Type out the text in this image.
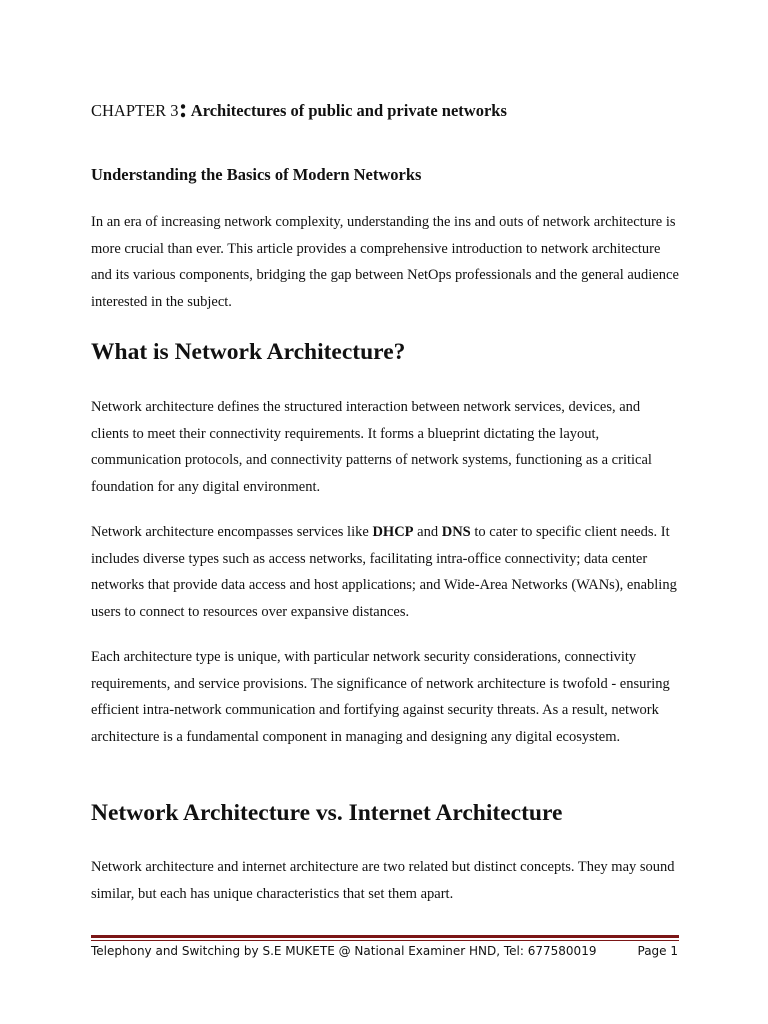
CHAPTER 3: Architectures of public and private networks
Understanding the Basics of Modern Networks

In an era of increasing network complexity, understanding the ins and outs of network architecture is more crucial than ever. This article provides a comprehensive introduction to network architecture and its various components, bridging the gap between NetOps professionals and the general audience interested in the subject.

What is Network Architecture?

Network architecture defines the structured interaction between network services, devices, and clients to meet their connectivity requirements. It forms a blueprint dictating the layout, communication protocols, and connectivity patterns of network systems, functioning as a critical foundation for any digital environment.

Network architecture encompasses services like DHCP and DNS to cater to specific client needs. It includes diverse types such as access networks, facilitating intra-office connectivity; data center networks that provide data access and host applications; and Wide-Area Networks (WANs), enabling users to connect to resources over expansive distances.

Each architecture type is unique, with particular network security considerations, connectivity requirements, and service provisions. The significance of network architecture is twofold - ensuring efficient intra-network communication and fortifying against security threats. As a result, network architecture is a fundamental component in managing and designing any digital ecosystem.

Network Architecture vs. Internet Architecture

Network architecture and internet architecture are two related but distinct concepts. They may sound similar, but each has unique characteristics that set them apart.

Telephony and Switching by S.E MUKETE @ National Examiner HND, Tel: 677580019	Page 1
